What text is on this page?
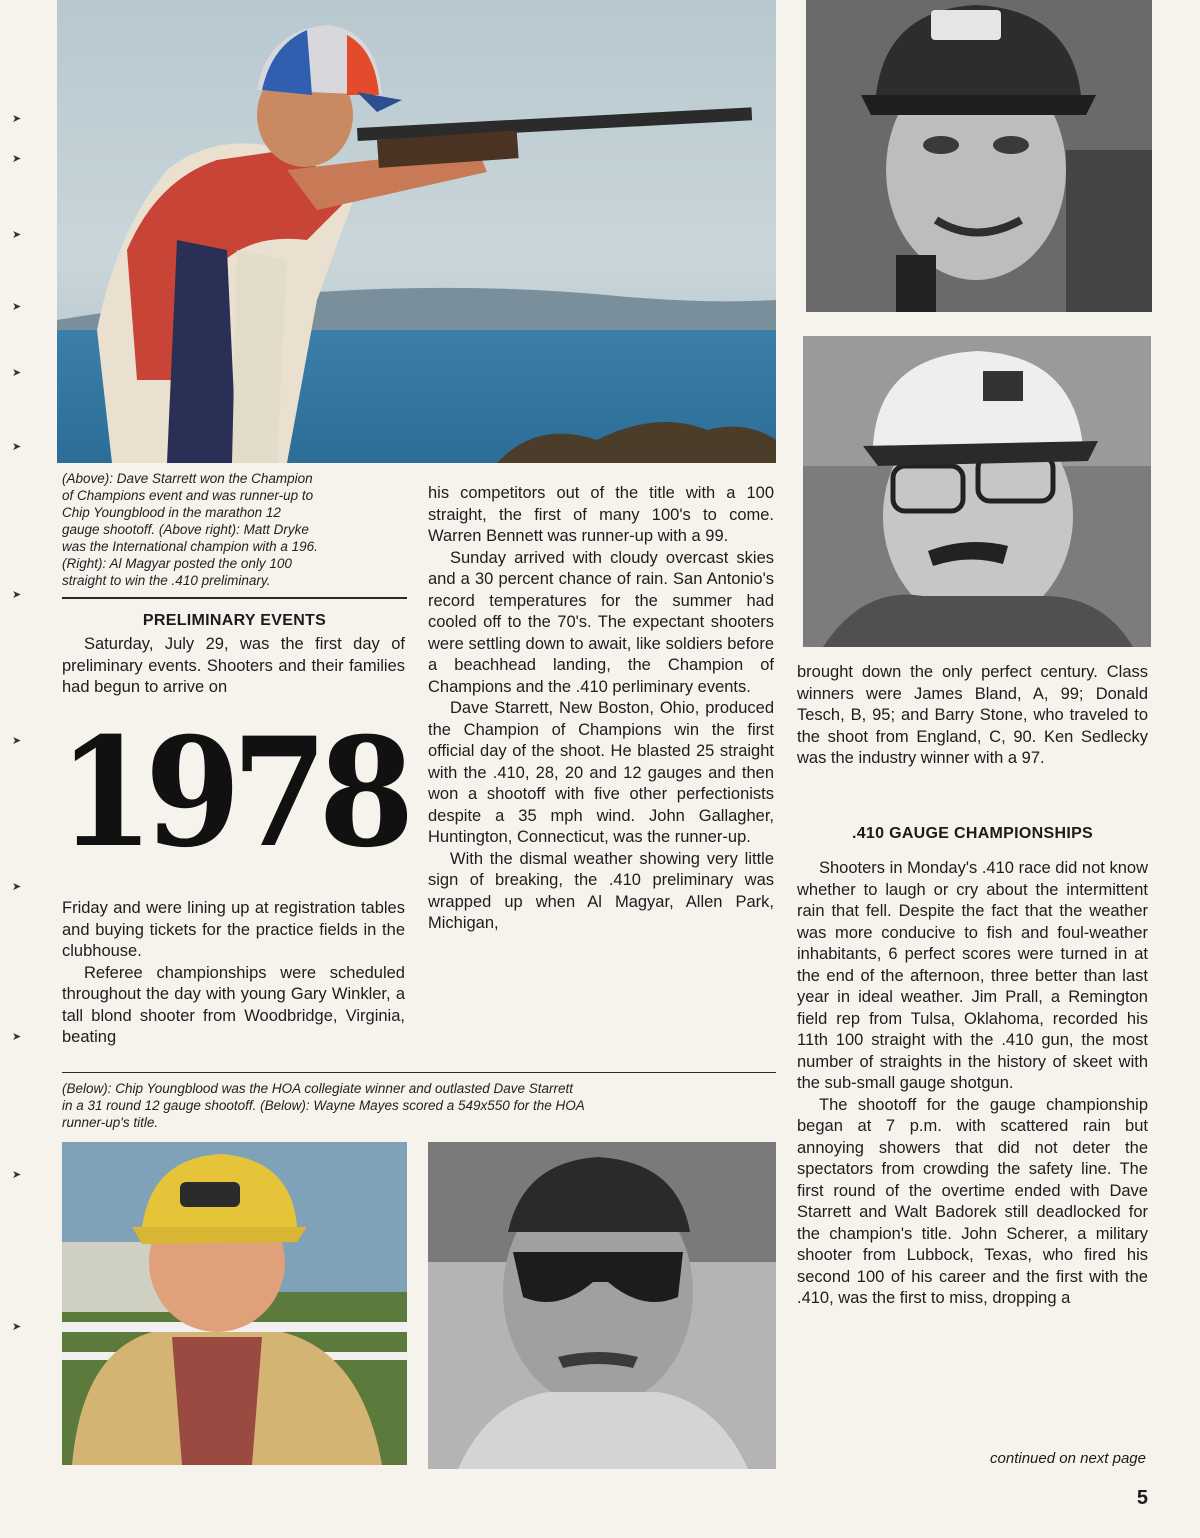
➤
➤
➤
➤
➤
➤
➤
➤
➤
➤
➤
➤

(Above): Dave Starrett won the Champion
of Champions event and was runner-up to
Chip Youngblood in the marathon 12
gauge shootoff. (Above right): Matt Dryke
was the International champion with a 196.
(Right): Al Magyar posted the only 100
straight to win the .410 preliminary.

PRELIMINARY EVENTS

Saturday, July 29, was the first day of preliminary events. Shooters and their families had begun to arrive on

1978

Friday and were lining up at registration tables and buying tickets for the practice fields in the clubhouse.

Referee championships were scheduled throughout the day with young Gary Winkler, a tall blond shooter from Woodbridge, Virginia, beating

his competitors out of the title with a 100 straight, the first of many 100's to come. Warren Bennett was runner-up with a 99.

Sunday arrived with cloudy overcast skies and a 30 percent chance of rain. San Antonio's record temperatures for the summer had cooled off to the 70's. The expectant shooters were settling down to await, like soldiers before a beachhead landing, the Champion of Champions and the .410 perliminary events.

Dave Starrett, New Boston, Ohio, produced the Champion of Champions win the first official day of the shoot. He blasted 25 straight with the .410, 28, 20 and 12 gauges and then won a shootoff with five other perfectionists despite a 35 mph wind. John Gallagher, Huntington, Connecticut, was the runner-up.

With the dismal weather showing very little sign of breaking, the .410 preliminary was wrapped up when Al Magyar, Allen Park, Michigan,

brought down the only perfect century. Class winners were James Bland, A, 99; Donald Tesch, B, 95; and Barry Stone, who traveled to the shoot from England, C, 90. Ken Sedlecky was the industry winner with a 97.

.410 GAUGE CHAMPIONSHIPS

Shooters in Monday's .410 race did not know whether to laugh or cry about the intermittent rain that fell. Despite the fact that the weather was more conducive to fish and foul-weather inhabitants, 6 perfect scores were turned in at the end of the afternoon, three better than last year in ideal weather. Jim Prall, a Remington field rep from Tulsa, Oklahoma, recorded his 11th 100 straight with the .410 gun, the most number of straights in the history of skeet with the sub-small gauge shotgun.

The shootoff for the gauge championship began at 7 p.m. with scattered rain but annoying showers that did not deter the spectators from crowding the safety line. The first round of the overtime ended with Dave Starrett and Walt Badorek still deadlocked for the champion's title. John Scherer, a military shooter from Lubbock, Texas, who fired his second 100 of his career and the first with the .410, was the first to miss, dropping a

(Below): Chip Youngblood was the HOA collegiate winner and outlasted Dave Starrett
in a 31 round 12 gauge shootoff. (Below): Wayne Mayes scored a 549x550 for the HOA
runner-up's title.

continued on next page
5
